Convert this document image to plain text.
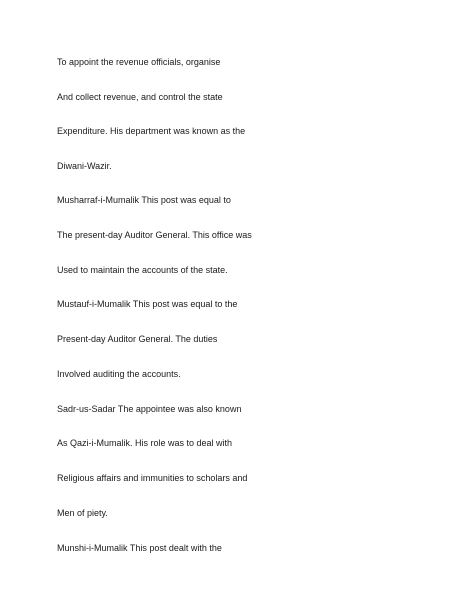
To appoint the revenue officials, organise
And collect revenue, and control the state
Expenditure. His department was known as the
Diwani-Wazir.
Musharraf-i-Mumalik This post was equal to
The present-day Auditor General. This office was
Used to maintain the accounts of the state.
Mustauf-i-Mumalik This post was equal to the
Present-day Auditor General. The duties
Involved auditing the accounts.
Sadr-us-Sadar The appointee was also known
As Qazi-i-Mumalik. His role was to deal with
Religious affairs and immunities to scholars and
Men of piety.
Munshi-i-Mumalik This post dealt with the
